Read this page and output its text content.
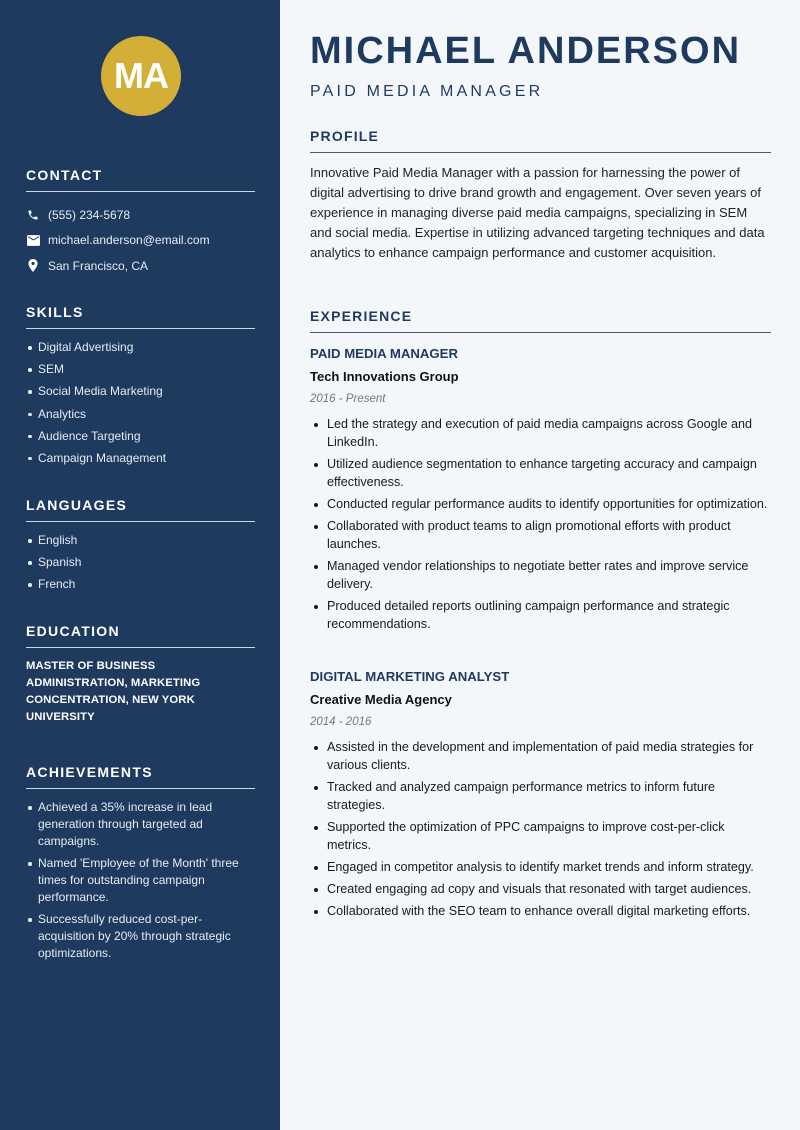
MA
CONTACT
(555) 234-5678
michael.anderson@email.com
San Francisco, CA
SKILLS
Digital Advertising
SEM
Social Media Marketing
Analytics
Audience Targeting
Campaign Management
LANGUAGES
English
Spanish
French
EDUCATION
MASTER OF BUSINESS ADMINISTRATION, MARKETING CONCENTRATION, NEW YORK UNIVERSITY
ACHIEVEMENTS
Achieved a 35% increase in lead generation through targeted ad campaigns.
Named 'Employee of the Month' three times for outstanding campaign performance.
Successfully reduced cost-per-acquisition by 20% through strategic optimizations.
MICHAEL ANDERSON
PAID MEDIA MANAGER
PROFILE

Innovative Paid Media Manager with a passion for harnessing the power of digital advertising to drive brand growth and engagement. Over seven years of experience in managing diverse paid media campaigns, specializing in SEM and social media. Expertise in utilizing advanced targeting techniques and data analytics to enhance campaign performance and customer acquisition.

EXPERIENCE
PAID MEDIA MANAGER
Tech Innovations Group
2016 - Present
Led the strategy and execution of paid media campaigns across Google and LinkedIn.
Utilized audience segmentation to enhance targeting accuracy and campaign effectiveness.
Conducted regular performance audits to identify opportunities for optimization.
Collaborated with product teams to align promotional efforts with product launches.
Managed vendor relationships to negotiate better rates and improve service delivery.
Produced detailed reports outlining campaign performance and strategic recommendations.
DIGITAL MARKETING ANALYST
Creative Media Agency
2014 - 2016
Assisted in the development and implementation of paid media strategies for various clients.
Tracked and analyzed campaign performance metrics to inform future strategies.
Supported the optimization of PPC campaigns to improve cost-per-click metrics.
Engaged in competitor analysis to identify market trends and inform strategy.
Created engaging ad copy and visuals that resonated with target audiences.
Collaborated with the SEO team to enhance overall digital marketing efforts.
